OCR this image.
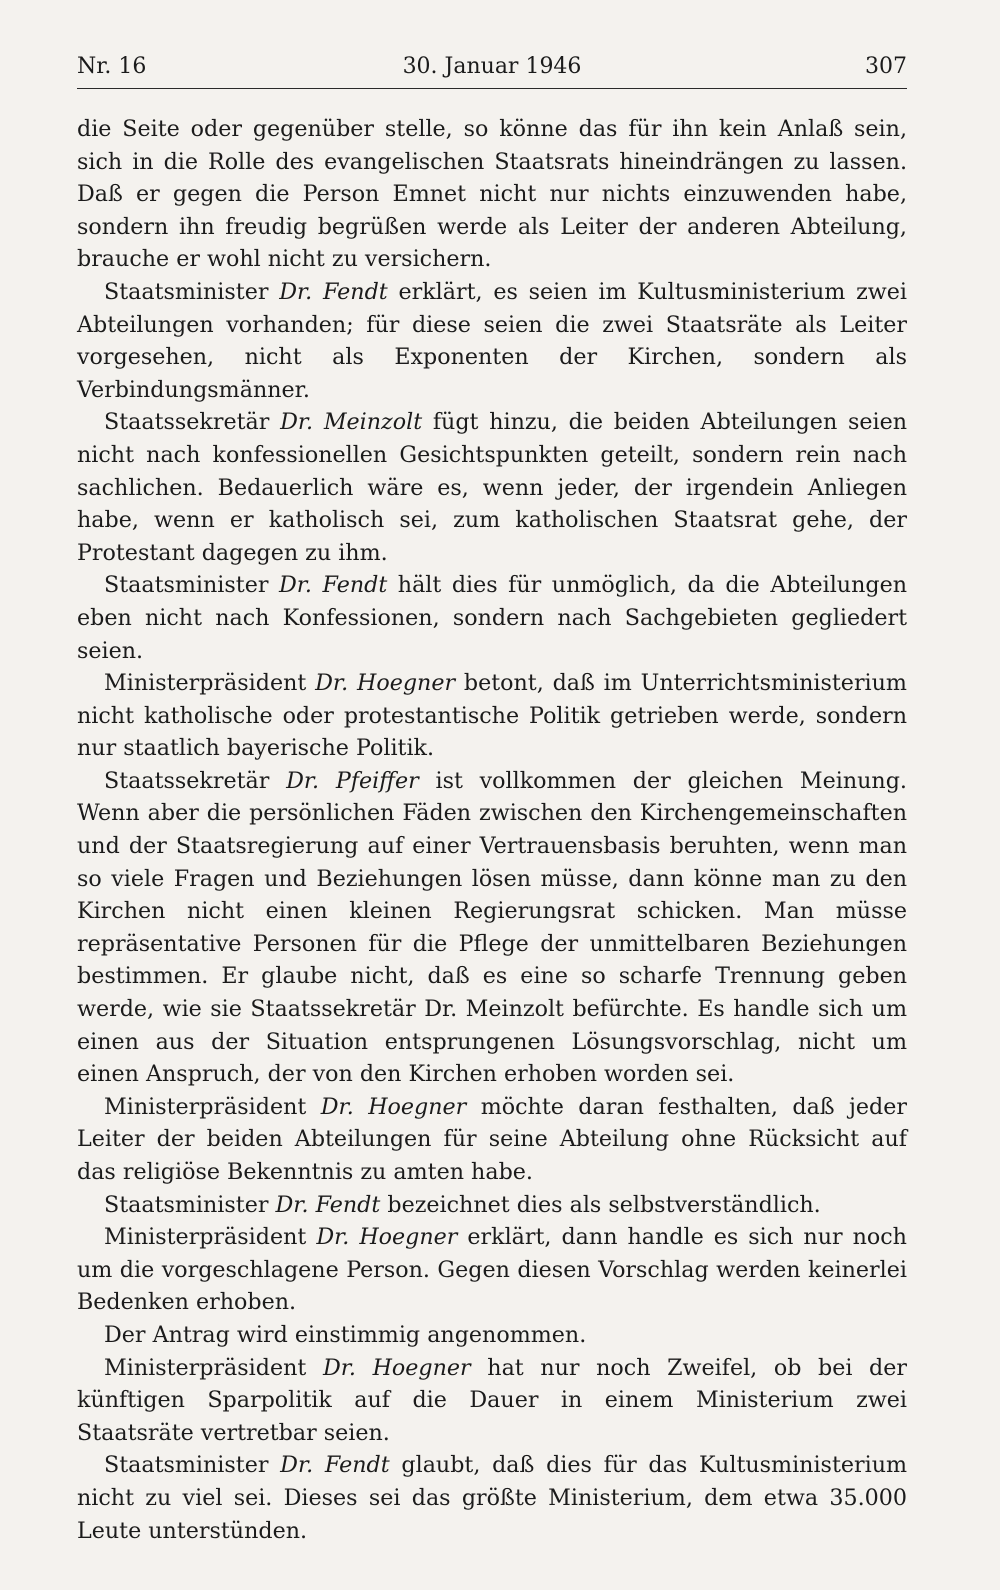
30. Januar 1946
Nr. 16	307

die Seite oder gegenüber stelle, so könne das für ihn kein Anlaß sein, sich in die Rolle des evangelischen Staatsrats hineindrängen zu lassen. Daß er gegen die Person Emnet nicht nur nichts einzuwenden habe, sondern ihn freudig begrüßen werde als Leiter der anderen Abteilung, brauche er wohl nicht zu versichern.

Staatsminister Dr. Fendt erklärt, es seien im Kultusministerium zwei Abteilungen vorhanden; für diese seien die zwei Staatsräte als Leiter vorgesehen, nicht als Exponenten der Kirchen, sondern als Verbindungsmänner.

Staatssekretär Dr. Meinzolt fügt hinzu, die beiden Abteilungen seien nicht nach konfessionellen Gesichtspunkten geteilt, sondern rein nach sachlichen. Bedauerlich wäre es, wenn jeder, der irgendein Anliegen habe, wenn er katholisch sei, zum katholischen Staatsrat gehe, der Protestant dagegen zu ihm.

Staatsminister Dr. Fendt hält dies für unmöglich, da die Abteilungen eben nicht nach Konfessionen, sondern nach Sachgebieten gegliedert seien.

Ministerpräsident Dr. Hoegner betont, daß im Unterrichtsministerium nicht katholische oder protestantische Politik getrieben werde, sondern nur staatlich bayerische Politik.

Staatssekretär Dr. Pfeiffer ist vollkommen der gleichen Meinung. Wenn aber die persönlichen Fäden zwischen den Kirchengemeinschaften und der Staatsregierung auf einer Vertrauensbasis beruhten, wenn man so viele Fragen und Beziehungen lösen müsse, dann könne man zu den Kirchen nicht einen kleinen Regierungsrat schicken. Man müsse repräsentative Personen für die Pflege der unmittelbaren Beziehungen bestimmen. Er glaube nicht, daß es eine so scharfe Trennung geben werde, wie sie Staatssekretär Dr. Meinzolt befürchte. Es handle sich um einen aus der Situation entsprungenen Lösungsvorschlag, nicht um einen Anspruch, der von den Kirchen erhoben worden sei.

Ministerpräsident Dr. Hoegner möchte daran festhalten, daß jeder Leiter der beiden Abteilungen für seine Abteilung ohne Rücksicht auf das religiöse Bekenntnis zu amten habe.

Staatsminister Dr. Fendt bezeichnet dies als selbstverständlich.

Ministerpräsident Dr. Hoegner erklärt, dann handle es sich nur noch um die vorgeschlagene Person. Gegen diesen Vorschlag werden keinerlei Bedenken erhoben.

Der Antrag wird einstimmig angenommen.

Ministerpräsident Dr. Hoegner hat nur noch Zweifel, ob bei der künftigen Sparpolitik auf die Dauer in einem Ministerium zwei Staatsräte vertretbar seien.

Staatsminister Dr. Fendt glaubt, daß dies für das Kultusministerium nicht zu viel sei. Dieses sei das größte Ministerium, dem etwa 35.000 Leute unterstünden.
